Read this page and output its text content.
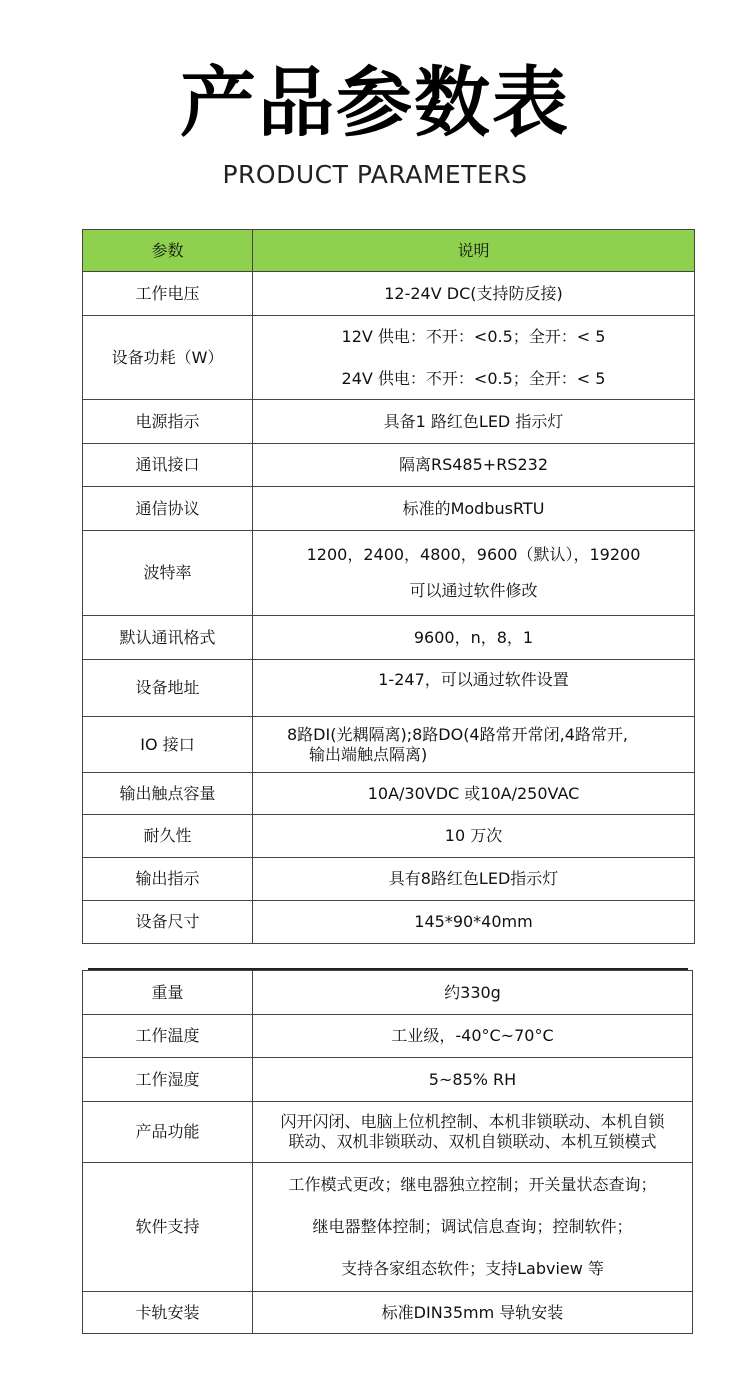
产品参数表
PRODUCT PARAMETERS
参数	说明
工作电压	12-24V DC(支持防反接)
设备功耗（W）	12V 供电：不开：<0.5；全开：< 5
24V 供电：不开：<0.5；全开：< 5

电源指示	具备1 路红色LED 指示灯
通讯接口	隔离RS485+RS232
通信协议	标准的ModbusRTU
波特率	1200，2400，4800，9600（默认），19200
可以通过软件修改

默认通讯格式	9600，n，8，1
设备地址	1-247，可以通过软件设置
IO 接口	8路DI(光耦隔离);8路DO(4路常开常闭,4路常开,
输出端触点隔离)

输出触点容量	10A/30VDC 或10A/250VAC
耐久性	10 万次
输出指示	具有8路红色LED指示灯
设备尺寸	145*90*40mm
重量	约330g
工作温度	工业级，-40°C~70°C
工作湿度	5~85% RH
产品功能	闪开闪闭、电脑上位机控制、本机非锁联动、本机自锁
联动、双机非锁联动、双机自锁联动、本机互锁模式

软件支持	工作模式更改；继电器独立控制；开关量状态查询；
继电器整体控制；调试信息查询；控制软件；
支持各家组态软件；支持Labview 等

卡轨安装	标准DIN35mm 导轨安装
